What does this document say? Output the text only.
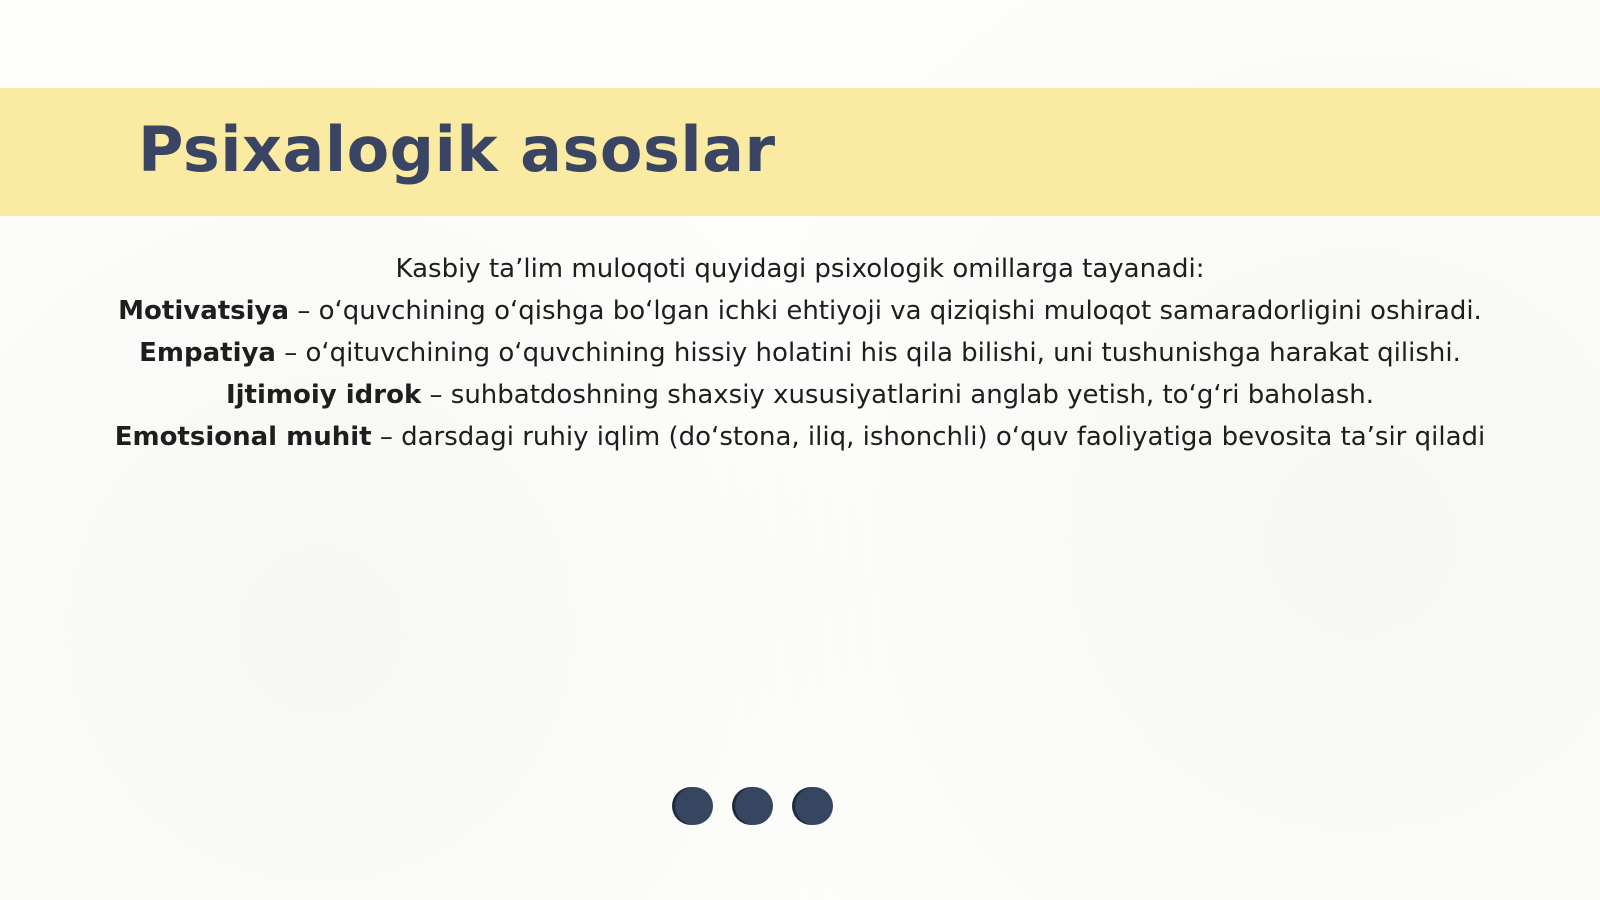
Psixalogik asoslar
Kasbiy ta’lim muloqoti quyidagi psixologik omillarga tayanadi:
Motivatsiya – o‘quvchining o‘qishga bo‘lgan ichki ehtiyoji va qiziqishi muloqot samaradorligini oshiradi.
Empatiya – o‘qituvchining o‘quvchining hissiy holatini his qila bilishi, uni tushunishga harakat qilishi.
Ijtimoiy idrok – suhbatdoshning shaxsiy xususiyatlarini anglab yetish, to‘g‘ri baholash.
Emotsional muhit – darsdagi ruhiy iqlim (do‘stona, iliq, ishonchli) o‘quv faoliyatiga bevosita ta’sir qiladi
